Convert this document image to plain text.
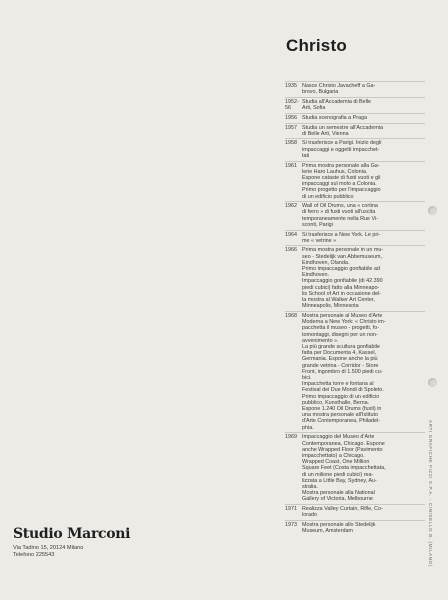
Christo
1935 Nasce Christo Javacheff a Ga-
brovo, Bulgaria
1952-56
Studia all'Accademia di Belle
Arti, Sofia
1956 Studia scenografia a Praga
1957 Studia un semestre all'Accademia
di Belle Arti, Vienna
1958 Si trasferisce a Parigi. Inizio degli
impaccaggi e oggetti impacchet-
tati
1961 Prima mostra personale alla Ga-
lerie Haro Lauhus, Colonia.
Espone cataste di fusti vuoti e gli
impaccaggi sul molo a Colonia.
Primo progetto per l'impaccaggio
di un edificio pubblico
1962 Wall of Oil Drums, una « cortina
di ferro » di fusti vuoti all'uscita
temporaneamente nella Rue Vi-
sconti, Parigi
1964 Si trasferisce a New York. Le pri-
me « vetrine »
1966 Prima mostra personale in un mu-
seo - Stedelijk van Abbemuseum,
Eindhoven, Olanda.
Primo impaccaggio gonfiabile ad
Eindhoven.
Impaccaggio gonfiabile (di 42.390
piedi cubici) fatto alla Minneapo-
lis School of Art in occasione del-
la mostra al Walker Art Center,
Minneapolis, Minnesota
1968 Mostra personale al Museo d'Arte
Moderna a New York: « Christo im-
pacchetta il museo - progetti, fo-
tomontaggi, disegni per un non-
avvenimento ».
La più grande scultura gonfiabile
fatta per Documenta 4, Kassel,
Germania. Espone anche la più
grande vetrina - Corridor - Store
Front, ingombro di 1.500 piedi cu-
bici.
Impacchetta torre e fontana al
Festival dei Due Mondi di Spoleto.
Primo impaccaggio di un edificio
pubblico, Kunsthalle, Berna.
Espone 1.240 Oil Drums (fusti) in
una mostra personale all'Istituto
d'Arte Contemporanea, Philadel-
phia.
1969 Impaccaggio del Museo d'Arte
Contemporanea, Chicago. Espone
anche Wrapped Floor (Pavimento
impacchettato) a Chicago.
Wrapped Coast, One Million
Square Feet (Costa impacchettata,
di un milione piedi cubici) rea-
lizzata a Little Bay, Sydney, Au-
stralia.
Mostra personale alla National
Gallery of Victoria, Melbourne
1971 Realizza Valley Curtain, Rifle, Co-
lorado
1973 Mostra personale allo Stedelijk
Museum, Amsterdam
Studio Marconi
Via Tadino 15, 20124 Milano
Telefono 225543	ARTI GRAFICHE FIZZI S.P.A. - CINISELLO B. (MILANO)
